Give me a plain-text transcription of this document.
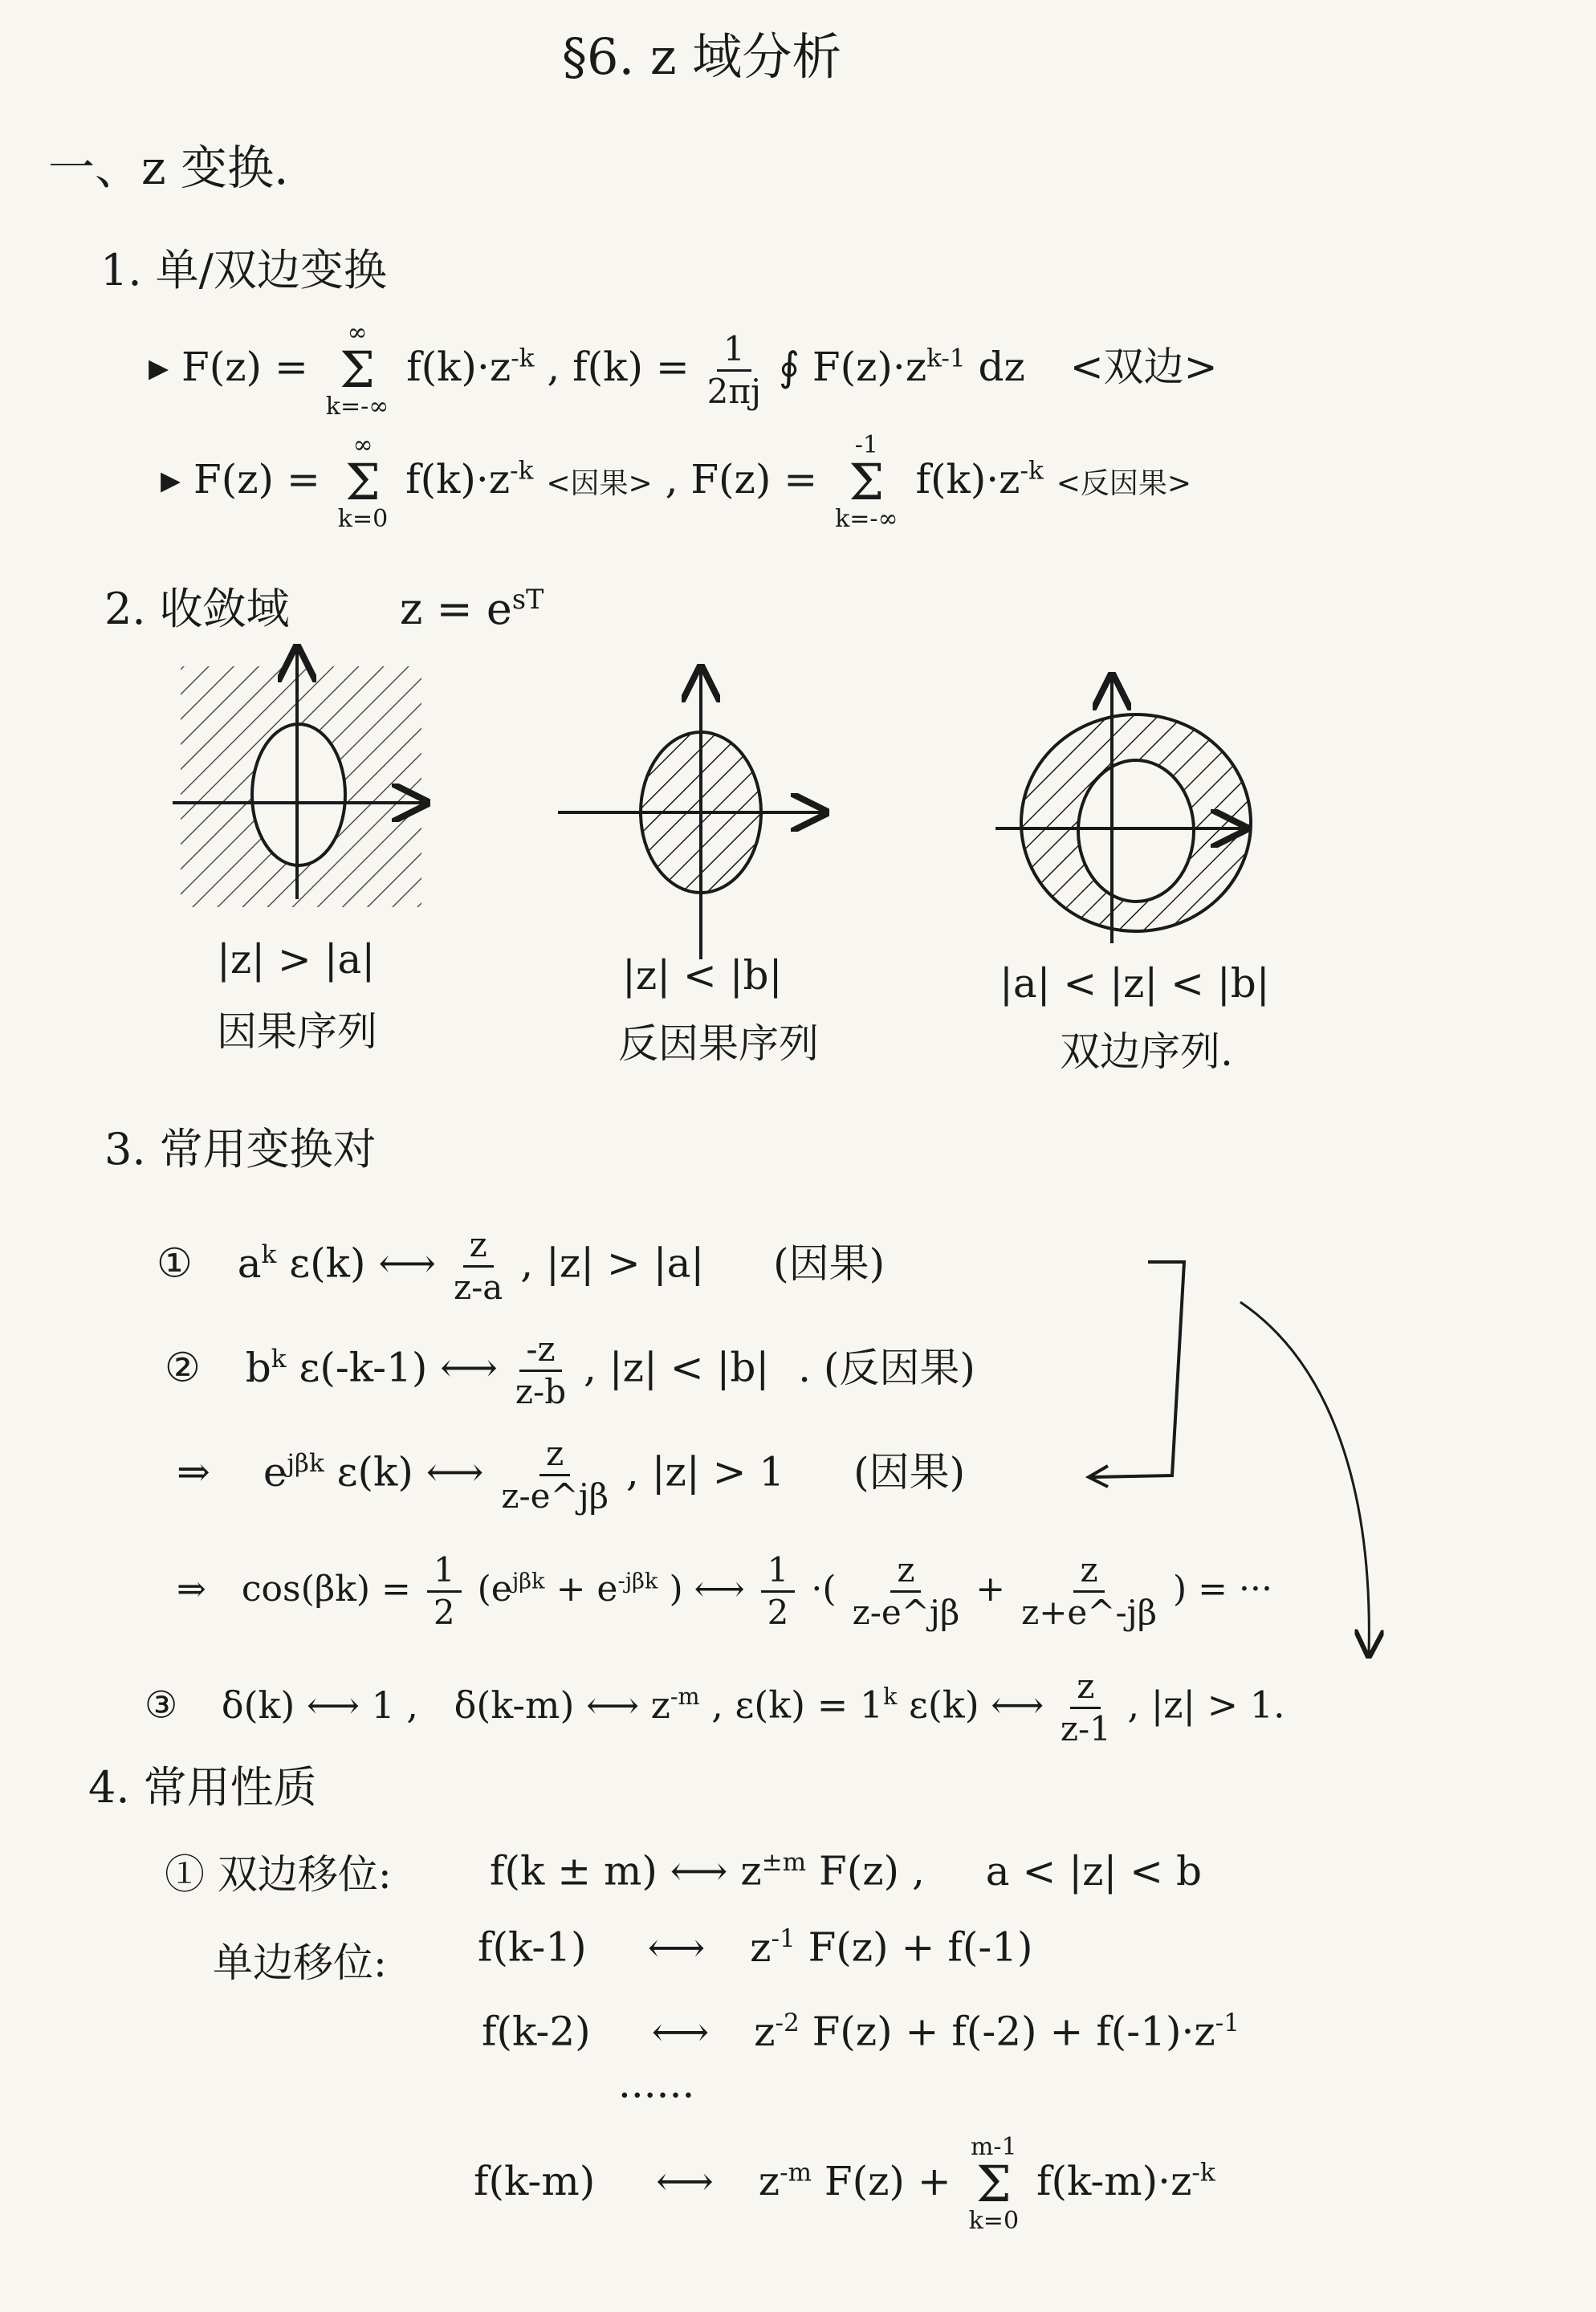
§6. z 域分析
一、z 变换.
1. 单/双边变换
▸ F(z) =
∞
Σ
k=-∞
$f(k)\cdot z^{-k}$ , $f(k) = \frac{1}{2\pi j}$ ∮ $F(z)\cdot z^{k-1}$ dz <双边>
▸ F(z) =
∞
Σ
k=0
$f(k)\cdot z^{-k}$ <因果> , F(z) =
-1
Σ
k=-∞
$f(k)\cdot z^{-k}$ <反因果>
2. 收敛域	$z = e^{sT}$
|z| > |a|
因果序列
|z| < |b|
反因果序列
|a| < |z| < |b|
双边序列.
3. 常用变换对
① $a^k$ ε(k) ⟷ $\frac{z}{z-a}$ , |z| > |a| (因果)
② $b^k$ ε(-k-1) ⟷ $\frac{-z}{z-b}$ , |z| < |b| . (反因果)
⇒ $e^{j\beta k}$ ε(k) ⟷ $\frac{z}{z-e\^{}j\beta}$ , |z| > 1 (因果)
⇒ $\cos(\beta k) = \frac{1}{2} (e^{j\beta k} + e^{-j\beta k}$ ) ⟷ $\frac{1}{2}$ ·( $\frac{z}{z-e\^{}j\beta} + \frac{z}{z+e\^{}-j\beta}$ ) = ···
③ δ(k) ⟷ 1 , δ(k-m) ⟷ $z^{-m}$ , $\varepsilon(k) = 1^k$ ε(k) ⟷ $\frac{z}{z-1}$ , |z| > 1.
4. 常用性质
① 双边移位: f(k ± m) ⟷ $z^{\pm m}$ F(z) , a < |z| < b
单边移位: f(k-1) ⟷ $z^{-1}$ F(z) + f(-1)
f(k-2) ⟷ $z^{-2}$ $F(z) + f(-2) + f(-1)\cdot z^{-1}$
······
f(k-m) ⟷ $z^{-m}$ F(z) +
m-1
Σ
k=0
$f(k-m)\cdot z^{-k}$
